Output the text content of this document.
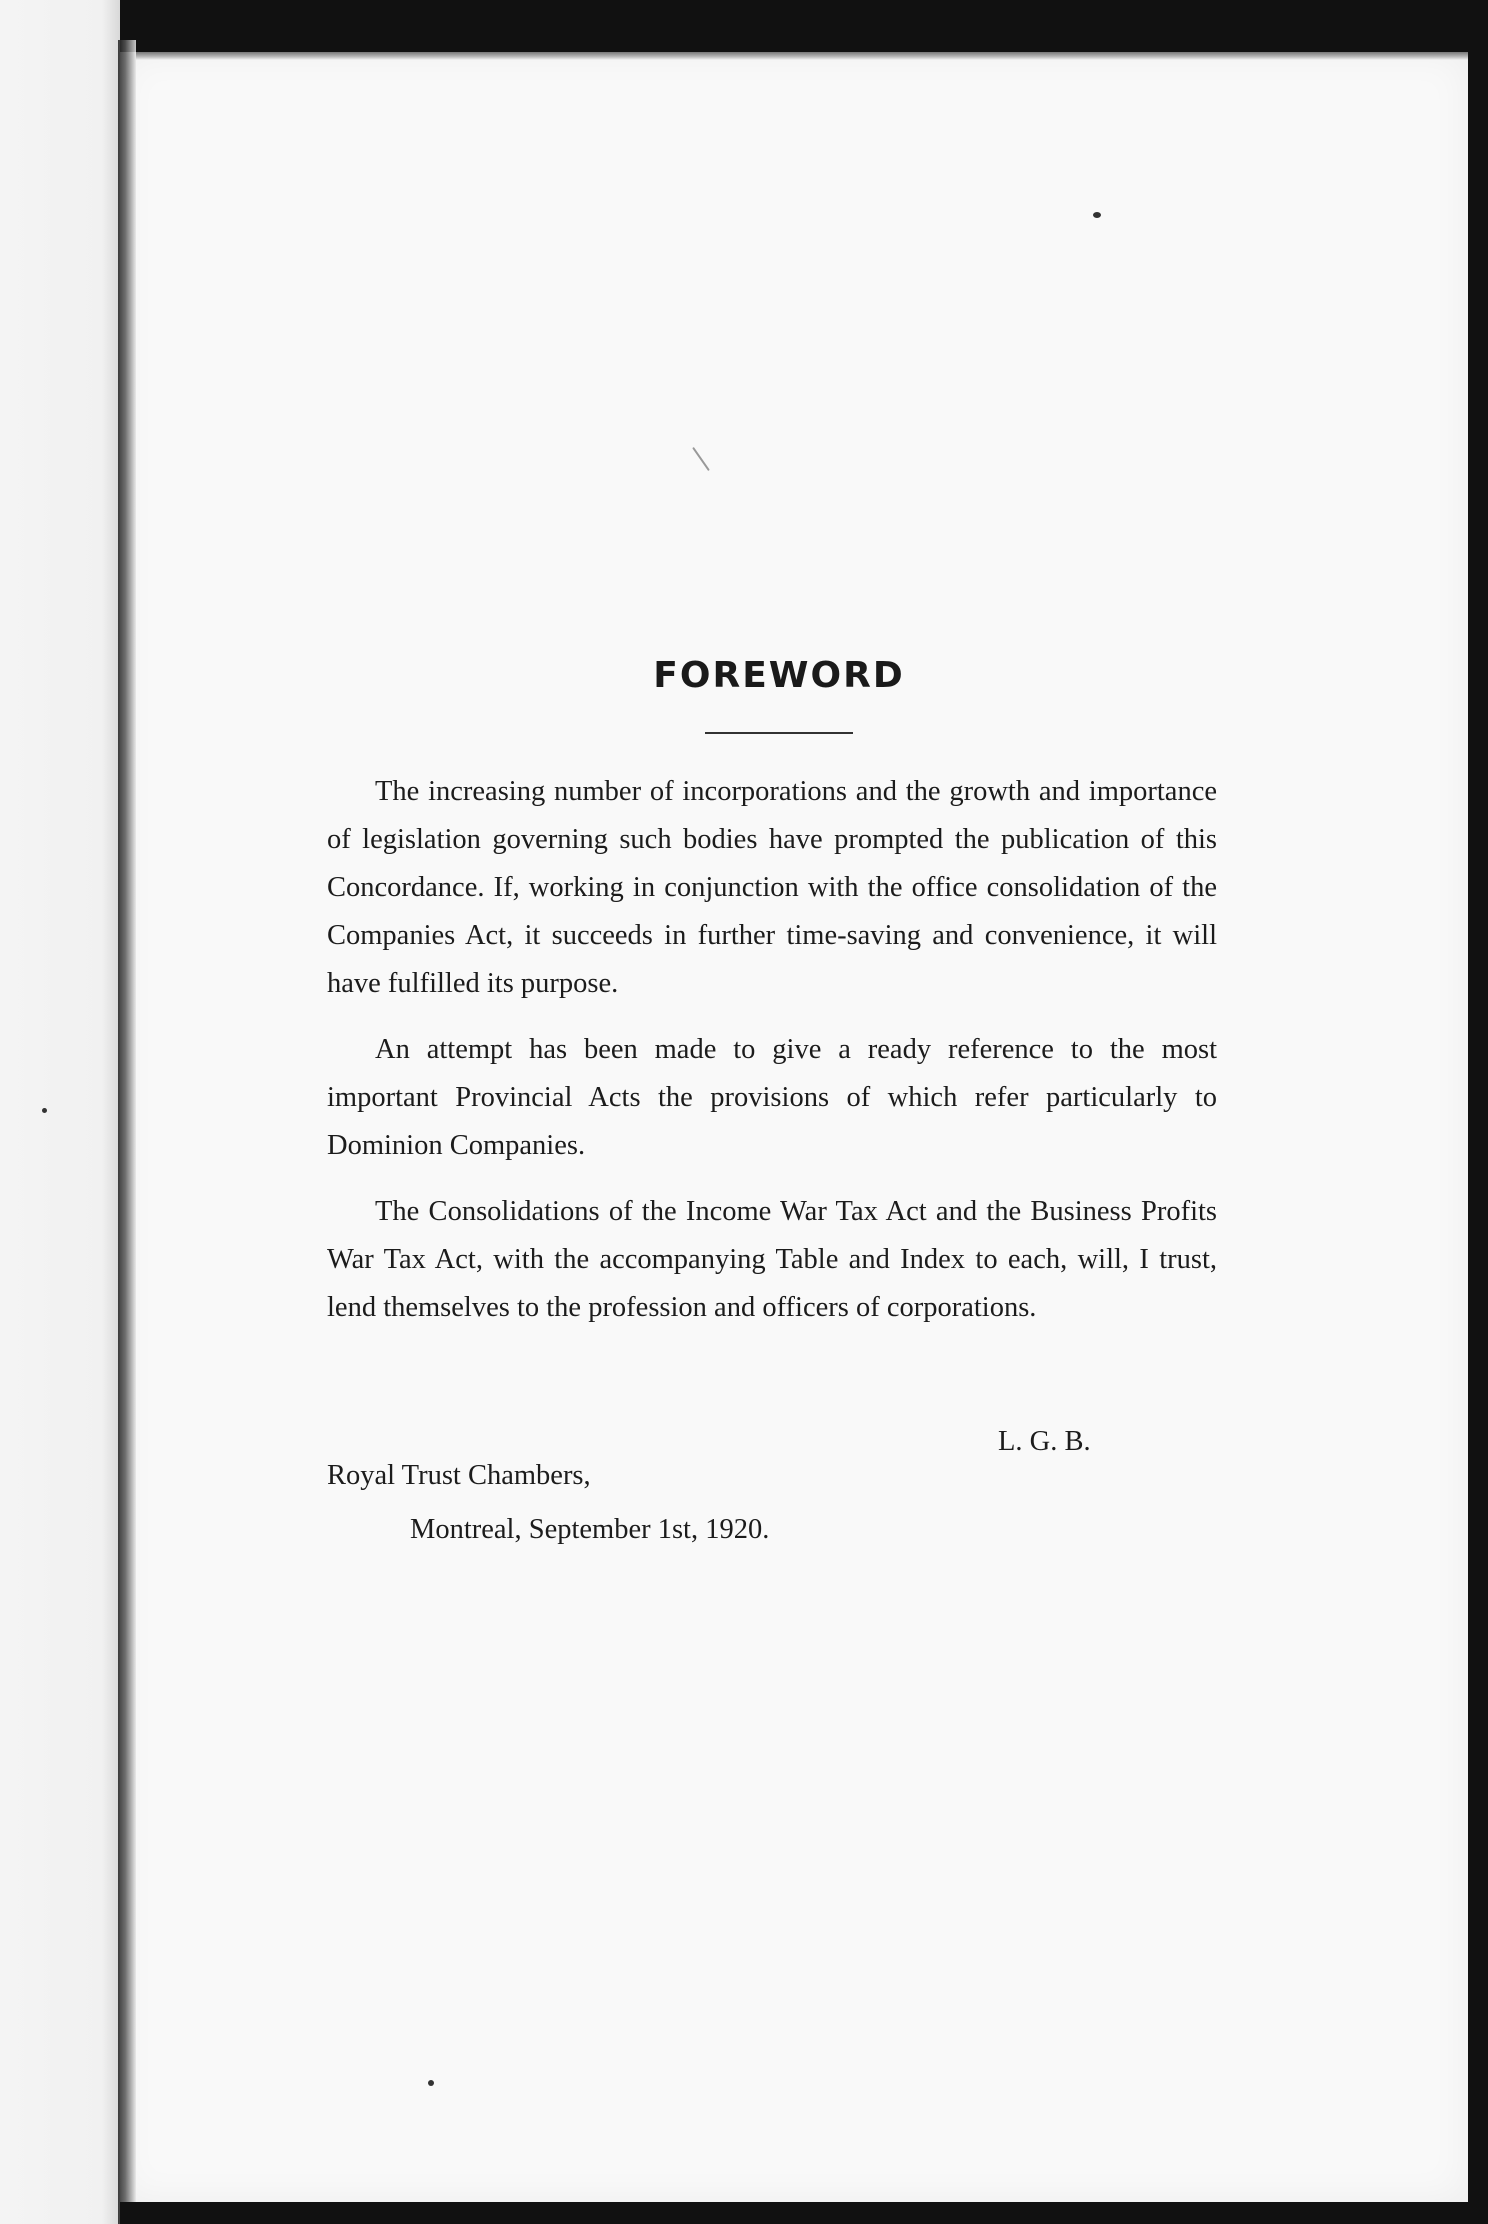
FOREWORD

The increasing number of incorporations and the growth and importance of legislation governing such bodies have prompted the publication of this Concordance. If, working in conjunction with the office consolidation of the Companies Act, it succeeds in further time-saving and convenience, it will have fulfilled its purpose.

An attempt has been made to give a ready reference to the most important Provincial Acts the provisions of which refer particularly to Dominion Companies.

The Consolidations of the Income War Tax Act and the Business Profits War Tax Act, with the accompanying Table and Index to each, will, I trust, lend themselves to the profession and officers of corporations.

L. G. B.
Royal Trust Chambers,
Montreal, September 1st, 1920.
